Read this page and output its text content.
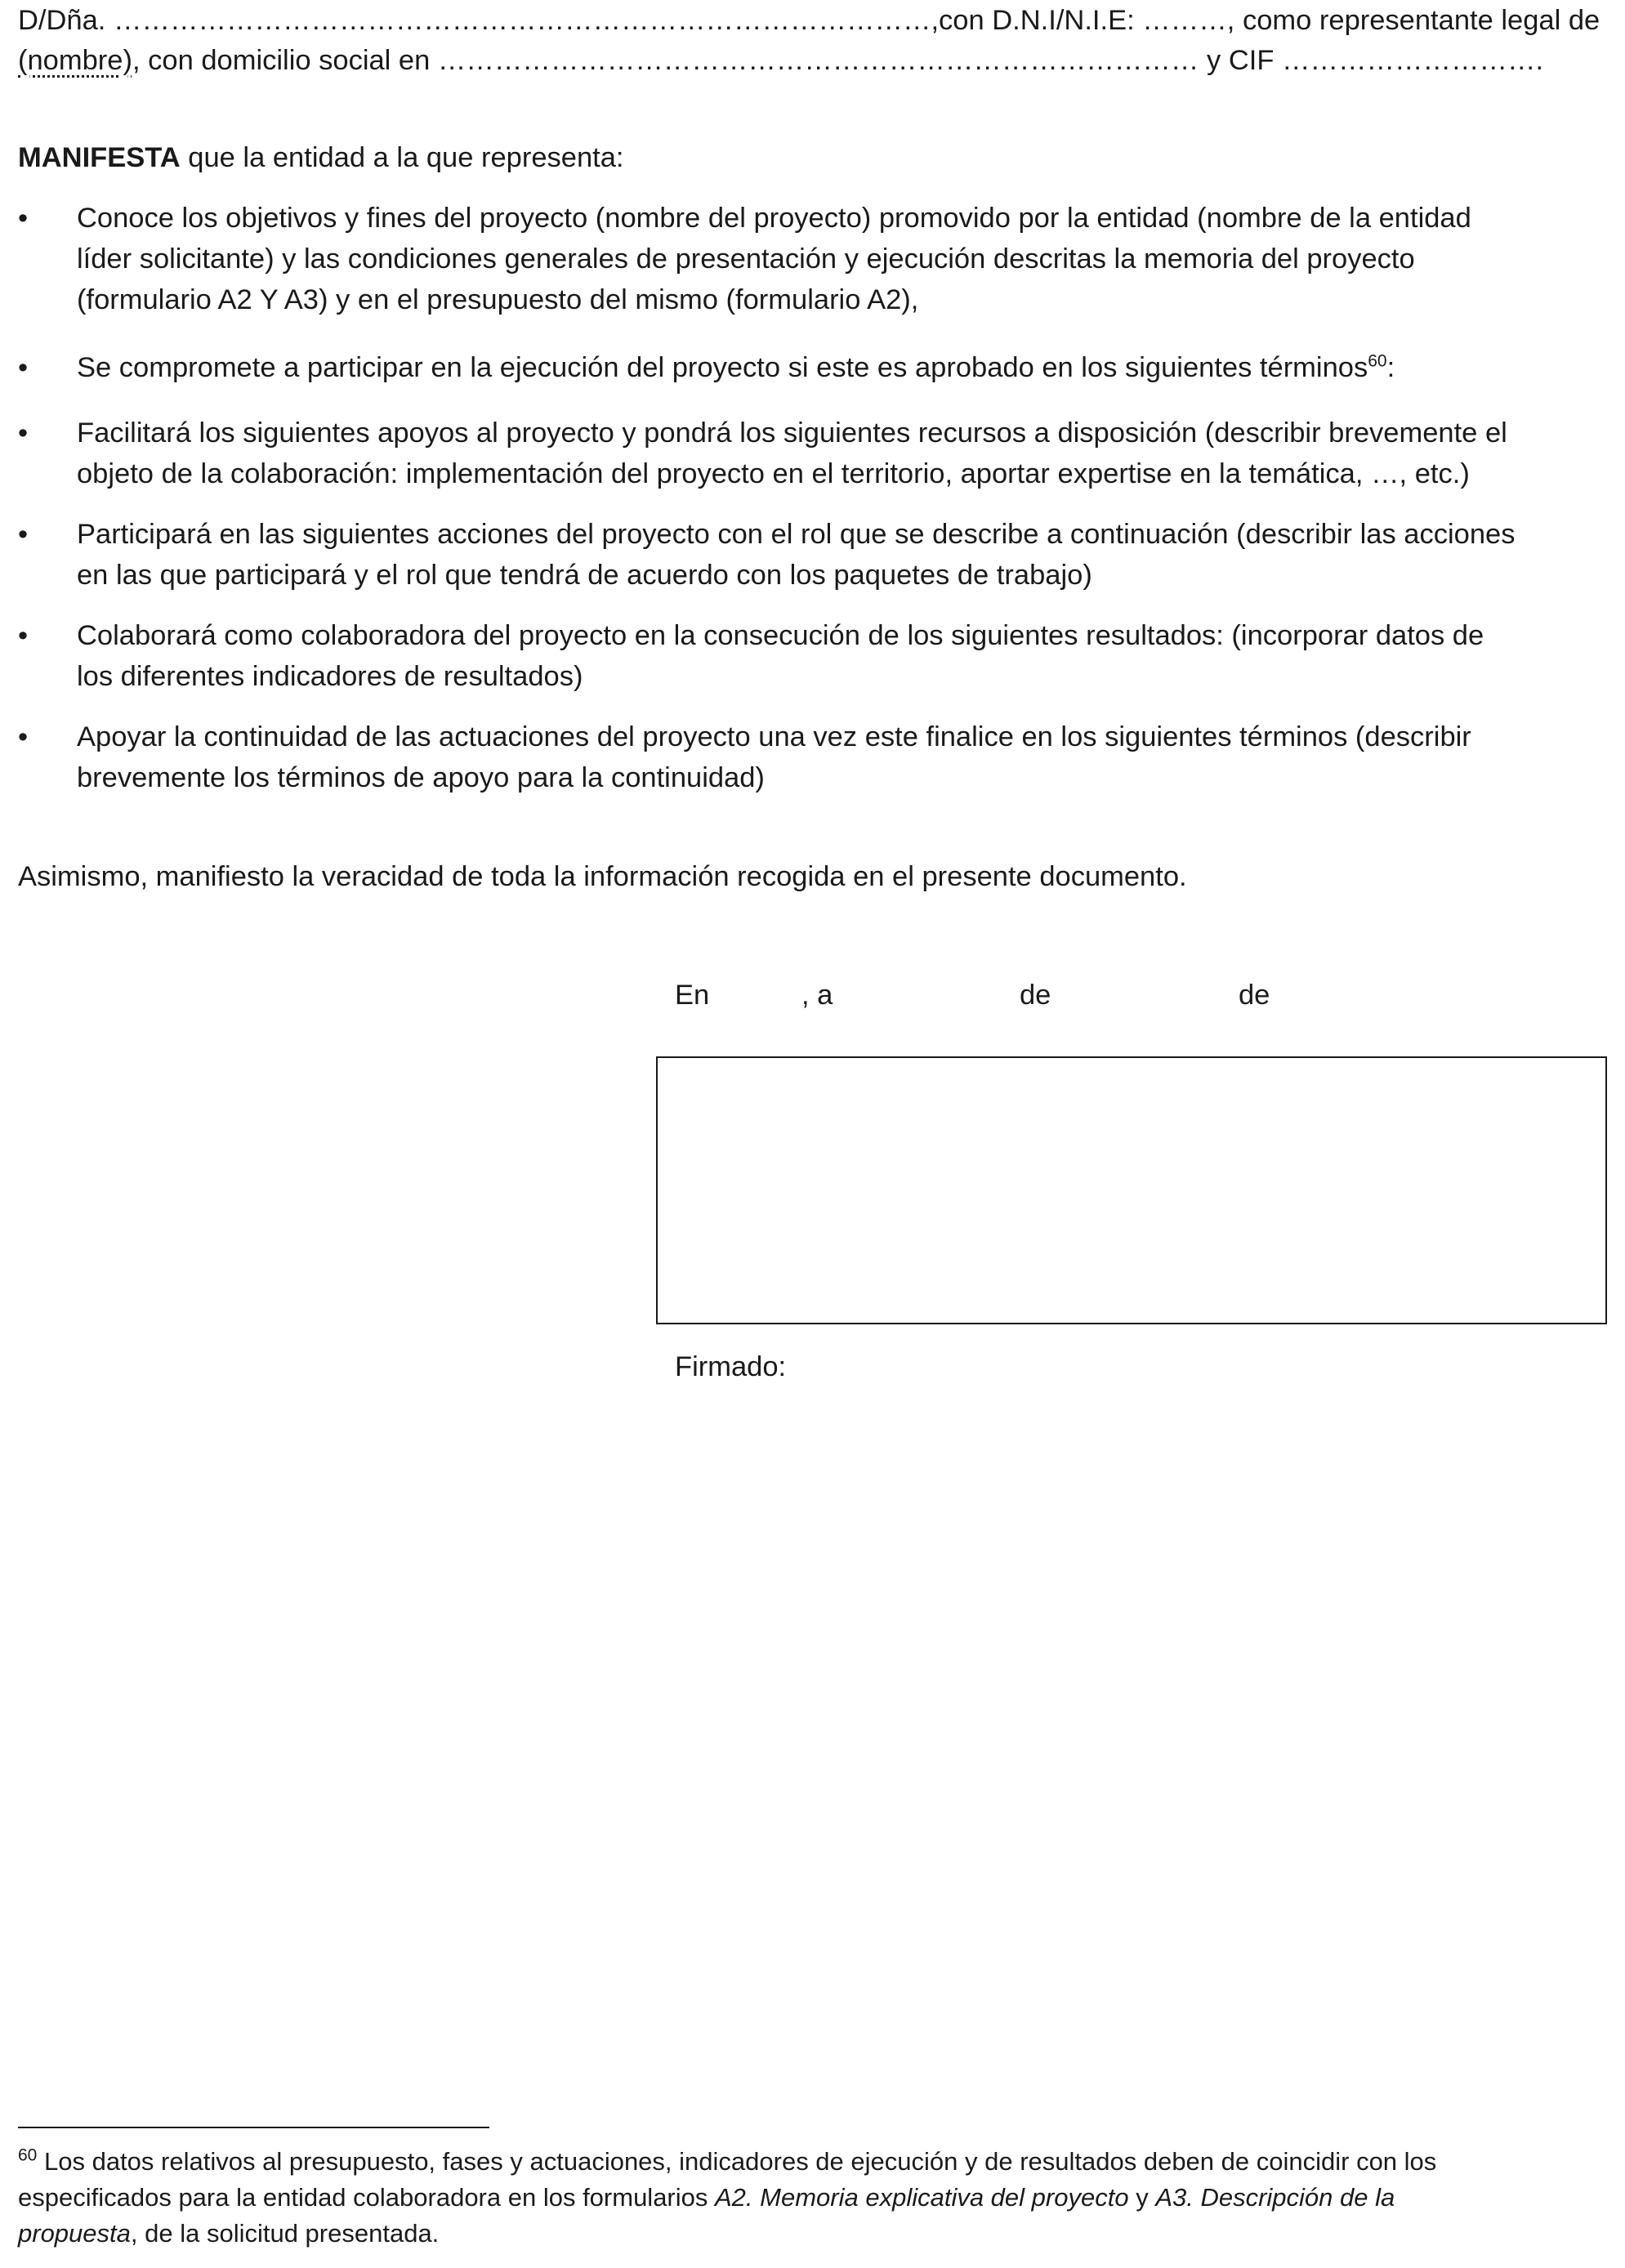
D/Dña. ……………………………………………………………………………,con D.N.I/N.I.E: ………, como representante legal de
(nombre), con domicilio social en ……………………………………………………………………… y CIF ……………………….
MANIFESTA que la entidad a la que representa:
•	Conoce los objetivos y fines del proyecto (nombre del proyecto) promovido por la entidad (nombre de la entidad
líder solicitante) y las condiciones generales de presentación y ejecución descritas la memoria del proyecto
(formulario A2 Y A3) y en el presupuesto del mismo (formulario A2),
•	Se compromete a participar en la ejecución del proyecto si este es aprobado en los siguientes términos$^{60}$:
•	Facilitará los siguientes apoyos al proyecto y pondrá los siguientes recursos a disposición (describir brevemente el
objeto de la colaboración: implementación del proyecto en el territorio, aportar expertise en la temática, …, etc.)
•	Participará en las siguientes acciones del proyecto con el rol que se describe a continuación (describir las acciones
en las que participará y el rol que tendrá de acuerdo con los paquetes de trabajo)
•	Colaborará como colaboradora del proyecto en la consecución de los siguientes resultados: (incorporar datos de
los diferentes indicadores de resultados)
•	Apoyar la continuidad de las actuaciones del proyecto una vez este finalice en los siguientes términos (describir
brevemente los términos de apoyo para la continuidad)
Asimismo, manifiesto la veracidad de toda la información recogida en el presente documento.
En	, a	de	de
Firmado:
$^{60}$ Los datos relativos al presupuesto, fases y actuaciones, indicadores de ejecución y de resultados deben de coincidir con los
especificados para la entidad colaboradora en los formularios A2. Memoria explicativa del proyecto y A3. Descripción de la
propuesta, de la solicitud presentada.
